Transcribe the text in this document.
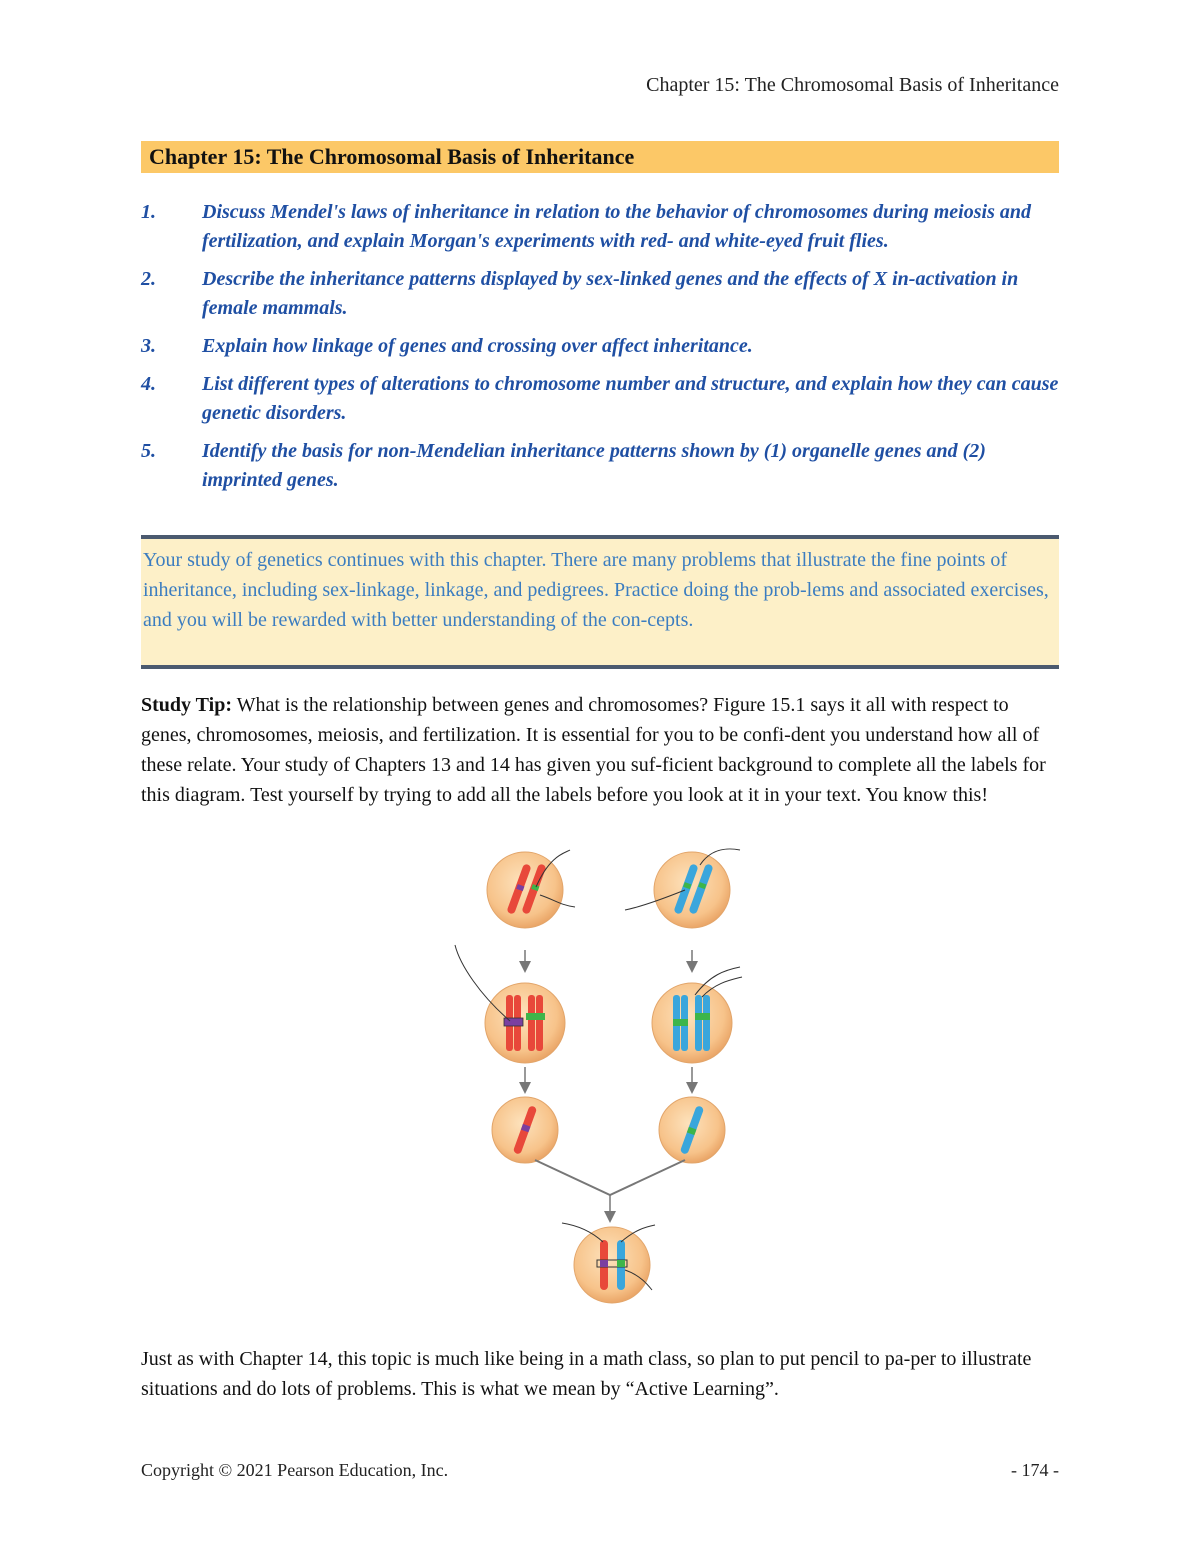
Chapter 15: The Chromosomal Basis of Inheritance
Chapter 15: The Chromosomal Basis of Inheritance
1. Discuss Mendel's laws of inheritance in relation to the behavior of chromosomes during meiosis and fertilization, and explain Morgan's experiments with red- and white-eyed fruit flies.
2. Describe the inheritance patterns displayed by sex-linked genes and the effects of X in-activation in female mammals.
3. Explain how linkage of genes and crossing over affect inheritance.
4. List different types of alterations to chromosome number and structure, and explain how they can cause genetic disorders.
5. Identify the basis for non-Mendelian inheritance patterns shown by (1) organelle genes and (2) imprinted genes.

Your study of genetics continues with this chapter. There are many problems that illustrate the fine points of inheritance, including sex-linkage, linkage, and pedigrees. Practice doing the prob-lems and associated exercises, and you will be rewarded with better understanding of the con-cepts.

Study Tip: What is the relationship between genes and chromosomes? Figure 15.1 says it all with respect to genes, chromosomes, meiosis, and fertilization. It is essential for you to be confi-dent you understand how all of these relate. Your study of Chapters 13 and 14 has given you suf-ficient background to complete all the labels for this diagram. Test yourself by trying to add all the labels before you look at it in your text. You know this!

Just as with Chapter 14, this topic is much like being in a math class, so plan to put pencil to pa-per to illustrate situations and do lots of problems. This is what we mean by “Active Learning”.

Copyright © 2021 Pearson Education, Inc.	- 174 -
